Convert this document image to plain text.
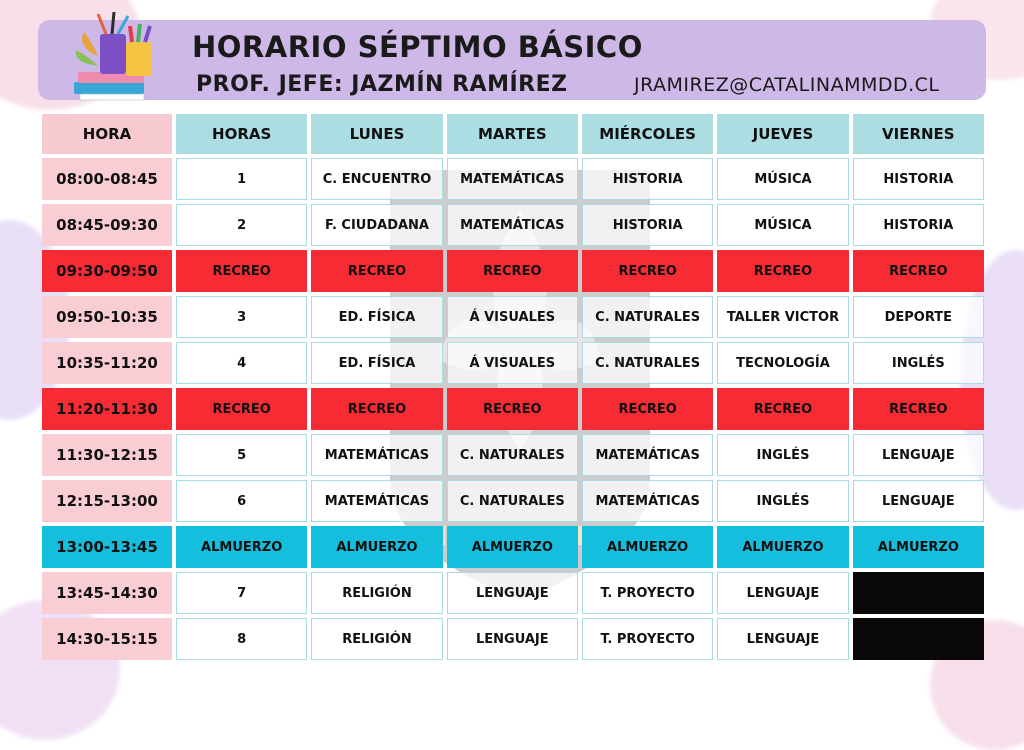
HORARIO SÉPTIMO BÁSICO
PROF. JEFE: JAZMÍN RAMÍREZ	JRAMIREZ@CATALINAMMDD.CL

HORA	HORAS	LUNES	MARTES	MIÉRCOLES	JUEVES	VIERNES
08:00-08:45	1	C. ENCUENTRO	MATEMÁTICAS	HISTORIA	MÚSICA	HISTORIA
08:45-09:30	2	F. CIUDADANA	MATEMÁTICAS	HISTORIA	MÚSICA	HISTORIA
09:30-09:50	RECREO	RECREO	RECREO	RECREO	RECREO	RECREO
09:50-10:35	3	ED. FÍSICA	Á VISUALES	C. NATURALES	TALLER VICTOR	DEPORTE
10:35-11:20	4	ED. FÍSICA	Á VISUALES	C. NATURALES	TECNOLOGÍA	INGLÉS
11:20-11:30	RECREO	RECREO	RECREO	RECREO	RECREO	RECREO
11:30-12:15	5	MATEMÁTICAS	C. NATURALES	MATEMÁTICAS	INGLÉS	LENGUAJE
12:15-13:00	6	MATEMÁTICAS	C. NATURALES	MATEMÁTICAS	INGLÉS	LENGUAJE
13:00-13:45	ALMUERZO	ALMUERZO	ALMUERZO	ALMUERZO	ALMUERZO	ALMUERZO
13:45-14:30	7	RELIGIÓN	LENGUAJE	T. PROYECTO	LENGUAJE	
14:30-15:15	8	RELIGIÓN	LENGUAJE	T. PROYECTO	LENGUAJE	
